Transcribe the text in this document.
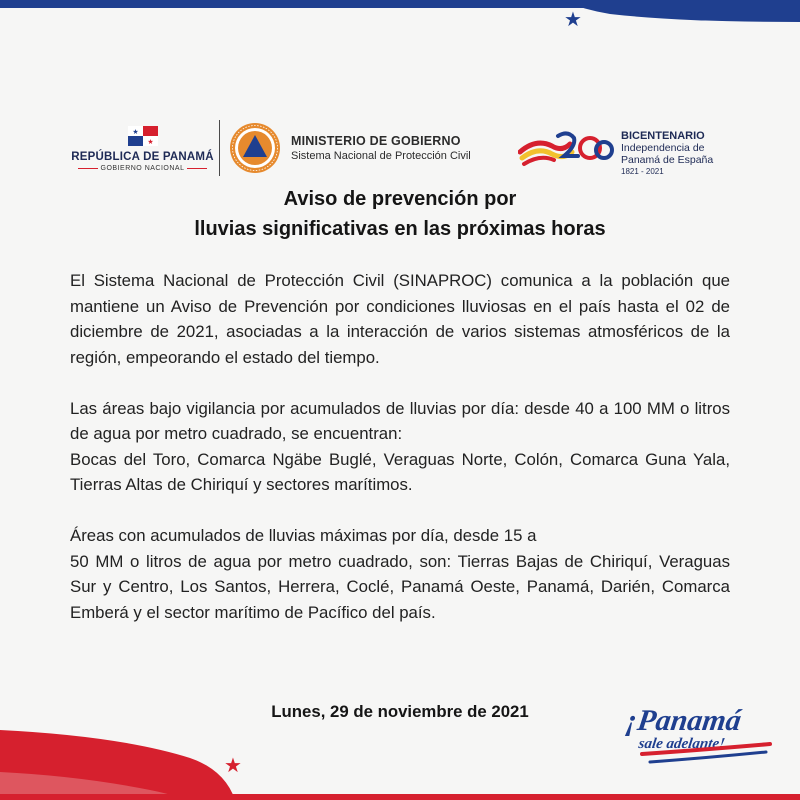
★
★
★
REPÚBLICA DE PANAMÁ
GOBIERNO NACIONAL
MINISTERIO DE GOBIERNO
Sistema Nacional de Protección Civil
BICENTENARIO
Independencia de
Panamá de España
1821 - 2021
Aviso de prevención por
lluvias significativas en las próximas horas

El Sistema Nacional de Protección Civil (SINAPROC) comunica a la población que mantiene un Aviso de Prevención por condiciones lluviosas en el país hasta el 02 de diciembre de 2021, asociadas a la interacción de varios sistemas atmosféricos de la región, empeorando el estado del tiempo.

Las áreas bajo vigilancia por acumulados de lluvias por día: desde 40 a 100 MM o litros de agua por metro cuadrado, se encuentran:

Bocas del Toro, Comarca Ngäbe Buglé, Veraguas Norte, Colón, Comarca Guna Yala, Tierras Altas de Chiriquí y sectores marítimos.

Áreas con acumulados de lluvias máximas por día, desde 15 a

50 MM o litros de agua por metro cuadrado, son: Tierras Bajas de Chiriquí, Veraguas Sur y Centro, Los Santos, Herrera, Coclé, Panamá Oeste, Panamá, Darién, Comarca Emberá y el sector marítimo de Pacífico del país.

Lunes, 29 de noviembre de 2021
★
¡Panamá
sale adelante!
